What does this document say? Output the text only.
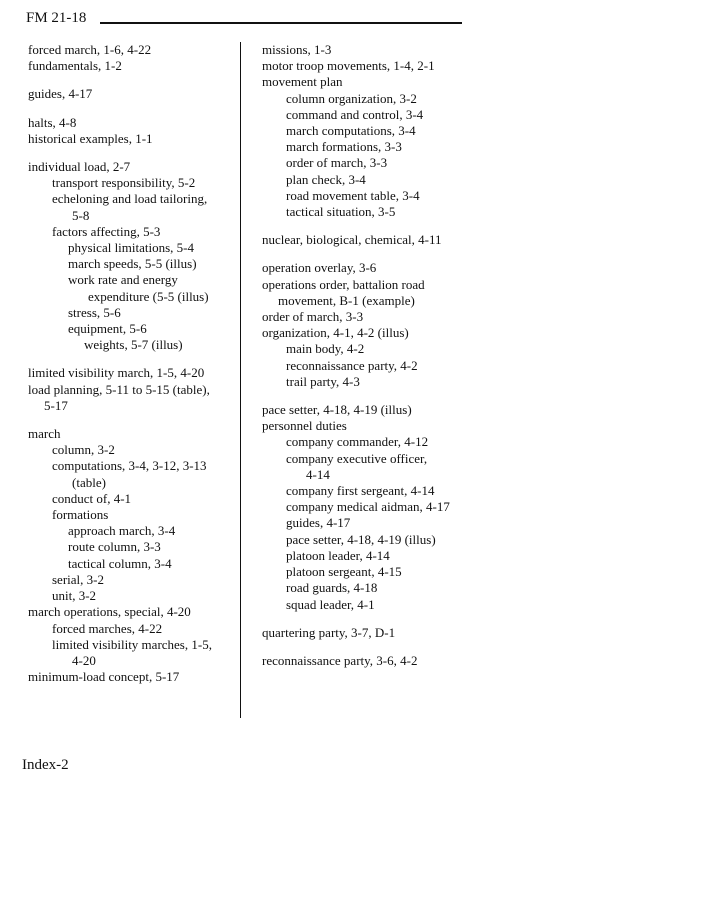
FM 21-18
forced march, 1-6, 4-22
fundamentals, 1-2
guides, 4-17
halts, 4-8
historical examples, 1-1
individual load, 2-7
transport responsibility, 5-2
echeloning and load tailoring,
5-8
factors affecting, 5-3
physical limitations, 5-4
march speeds, 5-5 (illus)
work rate and energy
expenditure (5-5 (illus)
stress, 5-6
equipment, 5-6
weights, 5-7 (illus)
limited visibility march, 1-5, 4-20
load planning, 5-11 to 5-15 (table),
5-17
march
column, 3-2
computations, 3-4, 3-12, 3-13
(table)
conduct of, 4-1
formations
approach march, 3-4
route column, 3-3
tactical column, 3-4
serial, 3-2
unit, 3-2
march operations, special, 4-20
forced marches, 4-22
limited visibility marches, 1-5,
4-20
minimum-load concept, 5-17
missions, 1-3
motor troop movements, 1-4, 2-1
movement plan
column organization, 3-2
command and control, 3-4
march computations, 3-4
march formations, 3-3
order of march, 3-3
plan check, 3-4
road movement table, 3-4
tactical situation, 3-5
nuclear, biological, chemical, 4-11
operation overlay, 3-6
operations order, battalion road
movement, B-1 (example)
order of march, 3-3
organization, 4-1, 4-2 (illus)
main body, 4-2
reconnaissance party, 4-2
trail party, 4-3
pace setter, 4-18, 4-19 (illus)
personnel duties
company commander, 4-12
company executive officer,
4-14
company first sergeant, 4-14
company medical aidman, 4-17
guides, 4-17
pace setter, 4-18, 4-19 (illus)
platoon leader, 4-14
platoon sergeant, 4-15
road guards, 4-18
squad leader, 4-1
quartering party, 3-7, D-1
reconnaissance party, 3-6, 4-2
Index-2
